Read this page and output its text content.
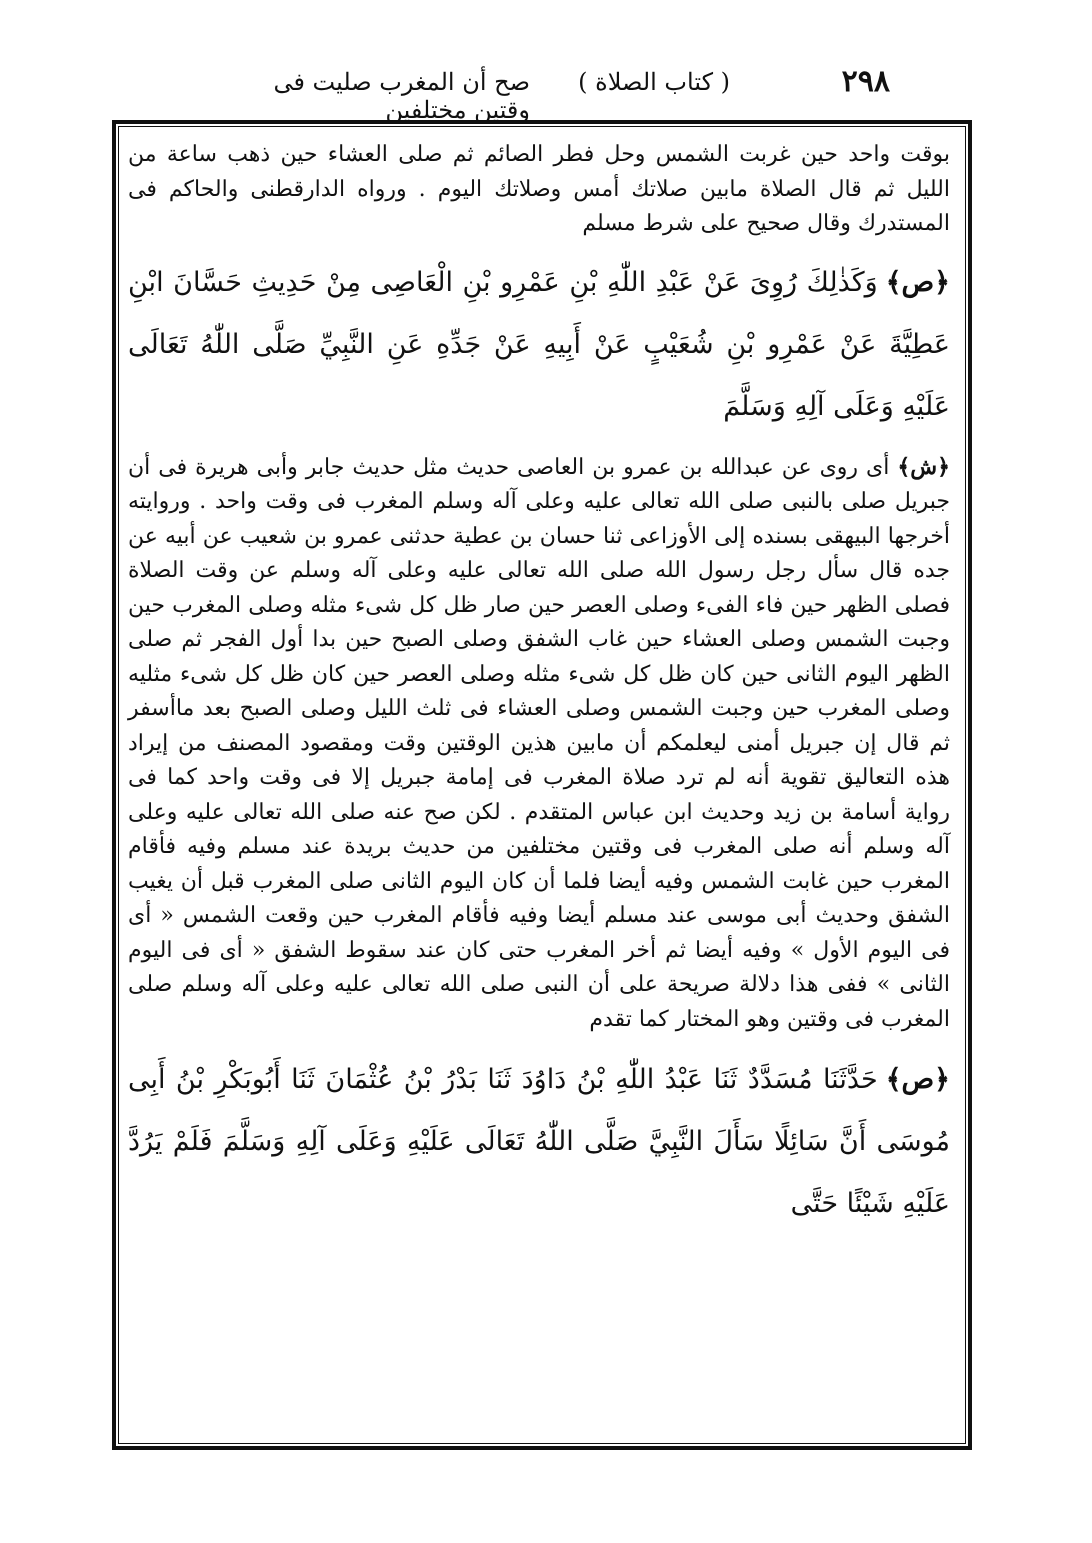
٢٩٨
( كتاب الصلاة )
صح أن المغرب صليت فى وقتين مختلفين

بوقت واحد حين غربت الشمس وحل فطر الصائم ثم صلى العشاء حين ذهب ساعة من الليل ثم قال الصلاة مابين صلاتك أمس وصلاتك اليوم . ورواه الدارقطنى والحاكم فى المستدرك وقال صحيح على شرط مسلم

﴿ص﴾وَكَذٰلِكَ رُوِىَ عَنْ عَبْدِ اللّٰهِ بْنِ عَمْرِو بْنِ الْعَاصِى مِنْ حَدِيثِ حَسَّانَ ابْنِ عَطِيَّةَ عَنْ عَمْرِو بْنِ شُعَيْبٍ عَنْ أَبِيهِ عَنْ جَدِّهِ عَنِ النَّبِيِّ صَلَّى اللّٰهُ تَعَالَى عَلَيْهِ وَعَلَى آلِهِ وَسَلَّمَ

﴿ش﴾أى روى عن عبدالله بن عمرو بن العاصى حديث مثل حديث جابر وأبى هريرة فى أن جبريل صلى بالنبى صلى الله تعالى عليه وعلى آله وسلم المغرب فى وقت واحد . وروايته أخرجها البيهقى بسنده إلى الأوزاعى ثنا حسان بن عطية حدثنى عمرو بن شعيب عن أبيه عن جده قال سأل رجل رسول الله صلى الله تعالى عليه وعلى آله وسلم عن وقت الصلاة فصلى الظهر حين فاء الفىء وصلى العصر حين صار ظل كل شىء مثله وصلى المغرب حين وجبت الشمس وصلى العشاء حين غاب الشفق وصلى الصبح حين بدا أول الفجر ثم صلى الظهر اليوم الثانى حين كان ظل كل شىء مثله وصلى العصر حين كان ظل كل شىء مثليه وصلى المغرب حين وجبت الشمس وصلى العشاء فى ثلث الليل وصلى الصبح بعد ماأسفر ثم قال إن جبريل أمنى ليعلمكم أن مابين هذين الوقتين وقت ومقصود المصنف من إيراد هذه التعاليق تقوية أنه لم ترد صلاة المغرب فى إمامة جبريل إلا فى وقت واحد كما فى رواية أسامة بن زيد وحديث ابن عباس المتقدم . لكن صح عنه صلى الله تعالى عليه وعلى آله وسلم أنه صلى المغرب فى وقتين مختلفين من حديث بريدة عند مسلم وفيه فأقام المغرب حين غابت الشمس وفيه أيضا فلما أن كان اليوم الثانى صلى المغرب قبل أن يغيب الشفق وحديث أبى موسى عند مسلم أيضا وفيه فأقام المغرب حين وقعت الشمس « أى فى اليوم الأول » وفيه أيضا ثم أخر المغرب حتى كان عند سقوط الشفق « أى فى اليوم الثانى » ففى هذا دلالة صريحة على أن النبى صلى الله تعالى عليه وعلى آله وسلم صلى المغرب فى وقتين وهو المختار كما تقدم

﴿ص﴾حَدَّثَنَا مُسَدَّدٌ ثَنَا عَبْدُ اللّٰهِ بْنُ دَاوُدَ ثَنَا بَدْرُ بْنُ عُثْمَانَ ثَنَا أَبُوبَكْرِ بْنُ أَبِى مُوسَى أَنَّ سَائِلًا سَأَلَ النَّبِيَّ صَلَّى اللّٰهُ تَعَالَى عَلَيْهِ وَعَلَى آلِهِ وَسَلَّمَ فَلَمْ يَرُدَّ عَلَيْهِ شَيْئًا حَتَّى
